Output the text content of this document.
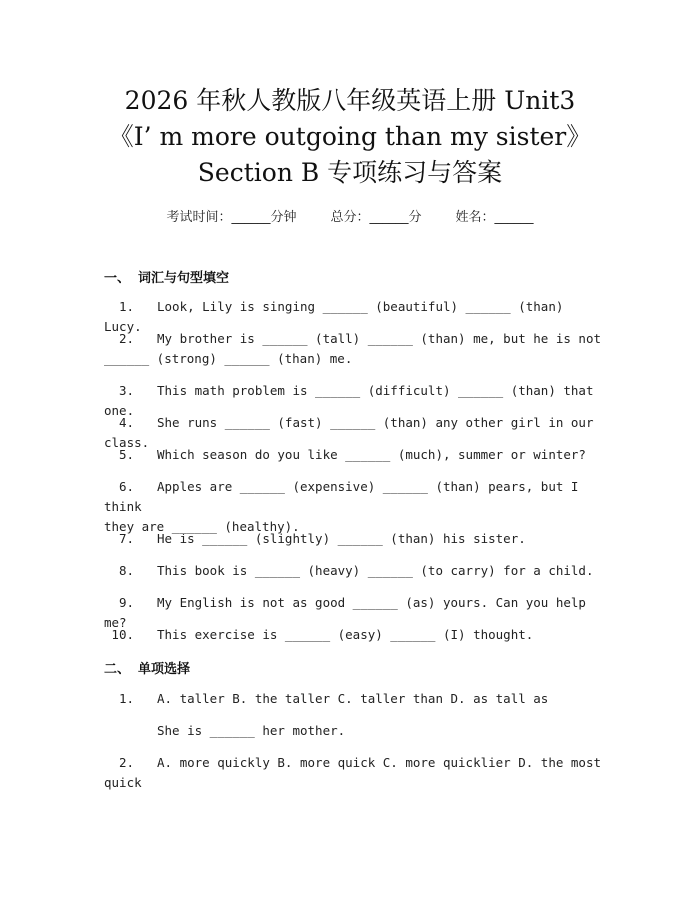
2026 年秋人教版八年级英语上册 Unit3
《I’ m more outgoing than my sister》
Section B 专项练习与答案
考试时间：______分钟	总分：______分	姓名：______
一、 词汇与句型填空
1. Look, Lily is singing ______ (beautiful) ______ (than) Lucy.
2. My brother is ______ (tall) ______ (than) me, but he is not
______ (strong) ______ (than) me.
3. This math problem is ______ (difficult) ______ (than) that one.
4. She runs ______ (fast) ______ (than) any other girl in our class.
5. Which season do you like ______ (much), summer or winter?
6. Apples are ______ (expensive) ______ (than) pears, but I think
they are ______ (healthy).
7. He is ______ (slightly) ______ (than) his sister.
8. This book is ______ (heavy) ______ (to carry) for a child.
9. My English is not as good ______ (as) yours. Can you help me?
10. This exercise is ______ (easy) ______ (I) thought.
二、 单项选择
1. A. taller B. the taller C. taller than D. as tall as
She is ______ her mother.
2. A. more quickly B. more quick C. more quicklier D. the most
quick
